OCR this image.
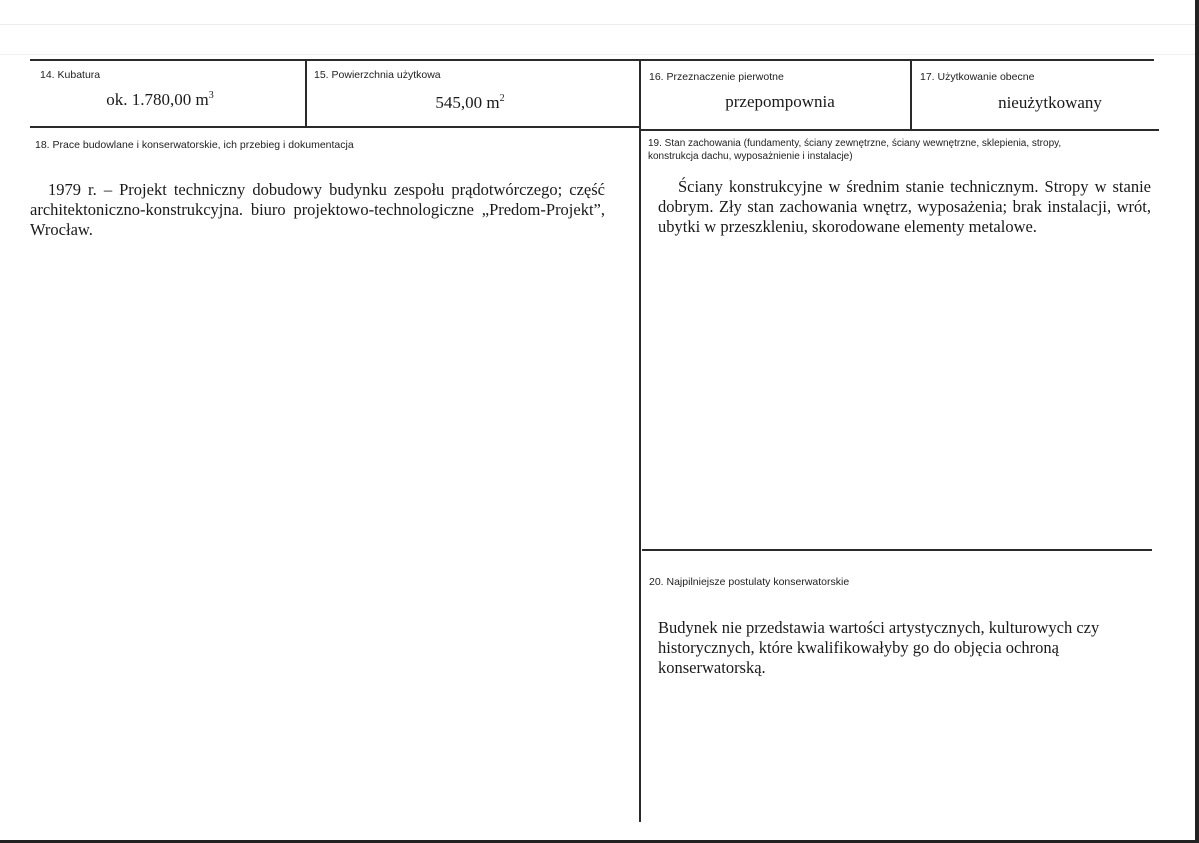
14. Kubatura
ok. 1.780,00 $m^3$
15. Powierzchnia użytkowa
545,00 $m^2$
16. Przeznaczenie pierwotne
przepompownia
17. Użytkowanie obecne
nieużytkowany
18. Prace budowlane i konserwatorskie, ich przebieg i dokumentacja
1979 r. – Projekt techniczny dobudowy budynku zespołu prądotwórczego; część architektoniczno-konstrukcyjna. biuro projektowo-technologiczne „Predom-Projekt”, Wrocław.
19. Stan zachowania (fundamenty, ściany zewnętrzne, ściany wewnętrzne, sklepienia, stropy,
konstrukcja dachu, wyposażnienie i instalacje)
Ściany konstrukcyjne w średnim stanie technicznym. Stropy w stanie dobrym. Zły stan zachowania wnętrz, wyposażenia; brak instalacji, wrót, ubytki w przeszkleniu, skorodowane elementy metalowe.
20. Najpilniejsze postulaty konserwatorskie
Budynek nie przedstawia wartości artystycznych, kulturowych czy historycznych, które kwalifikowałyby go do objęcia ochroną konserwatorską.
